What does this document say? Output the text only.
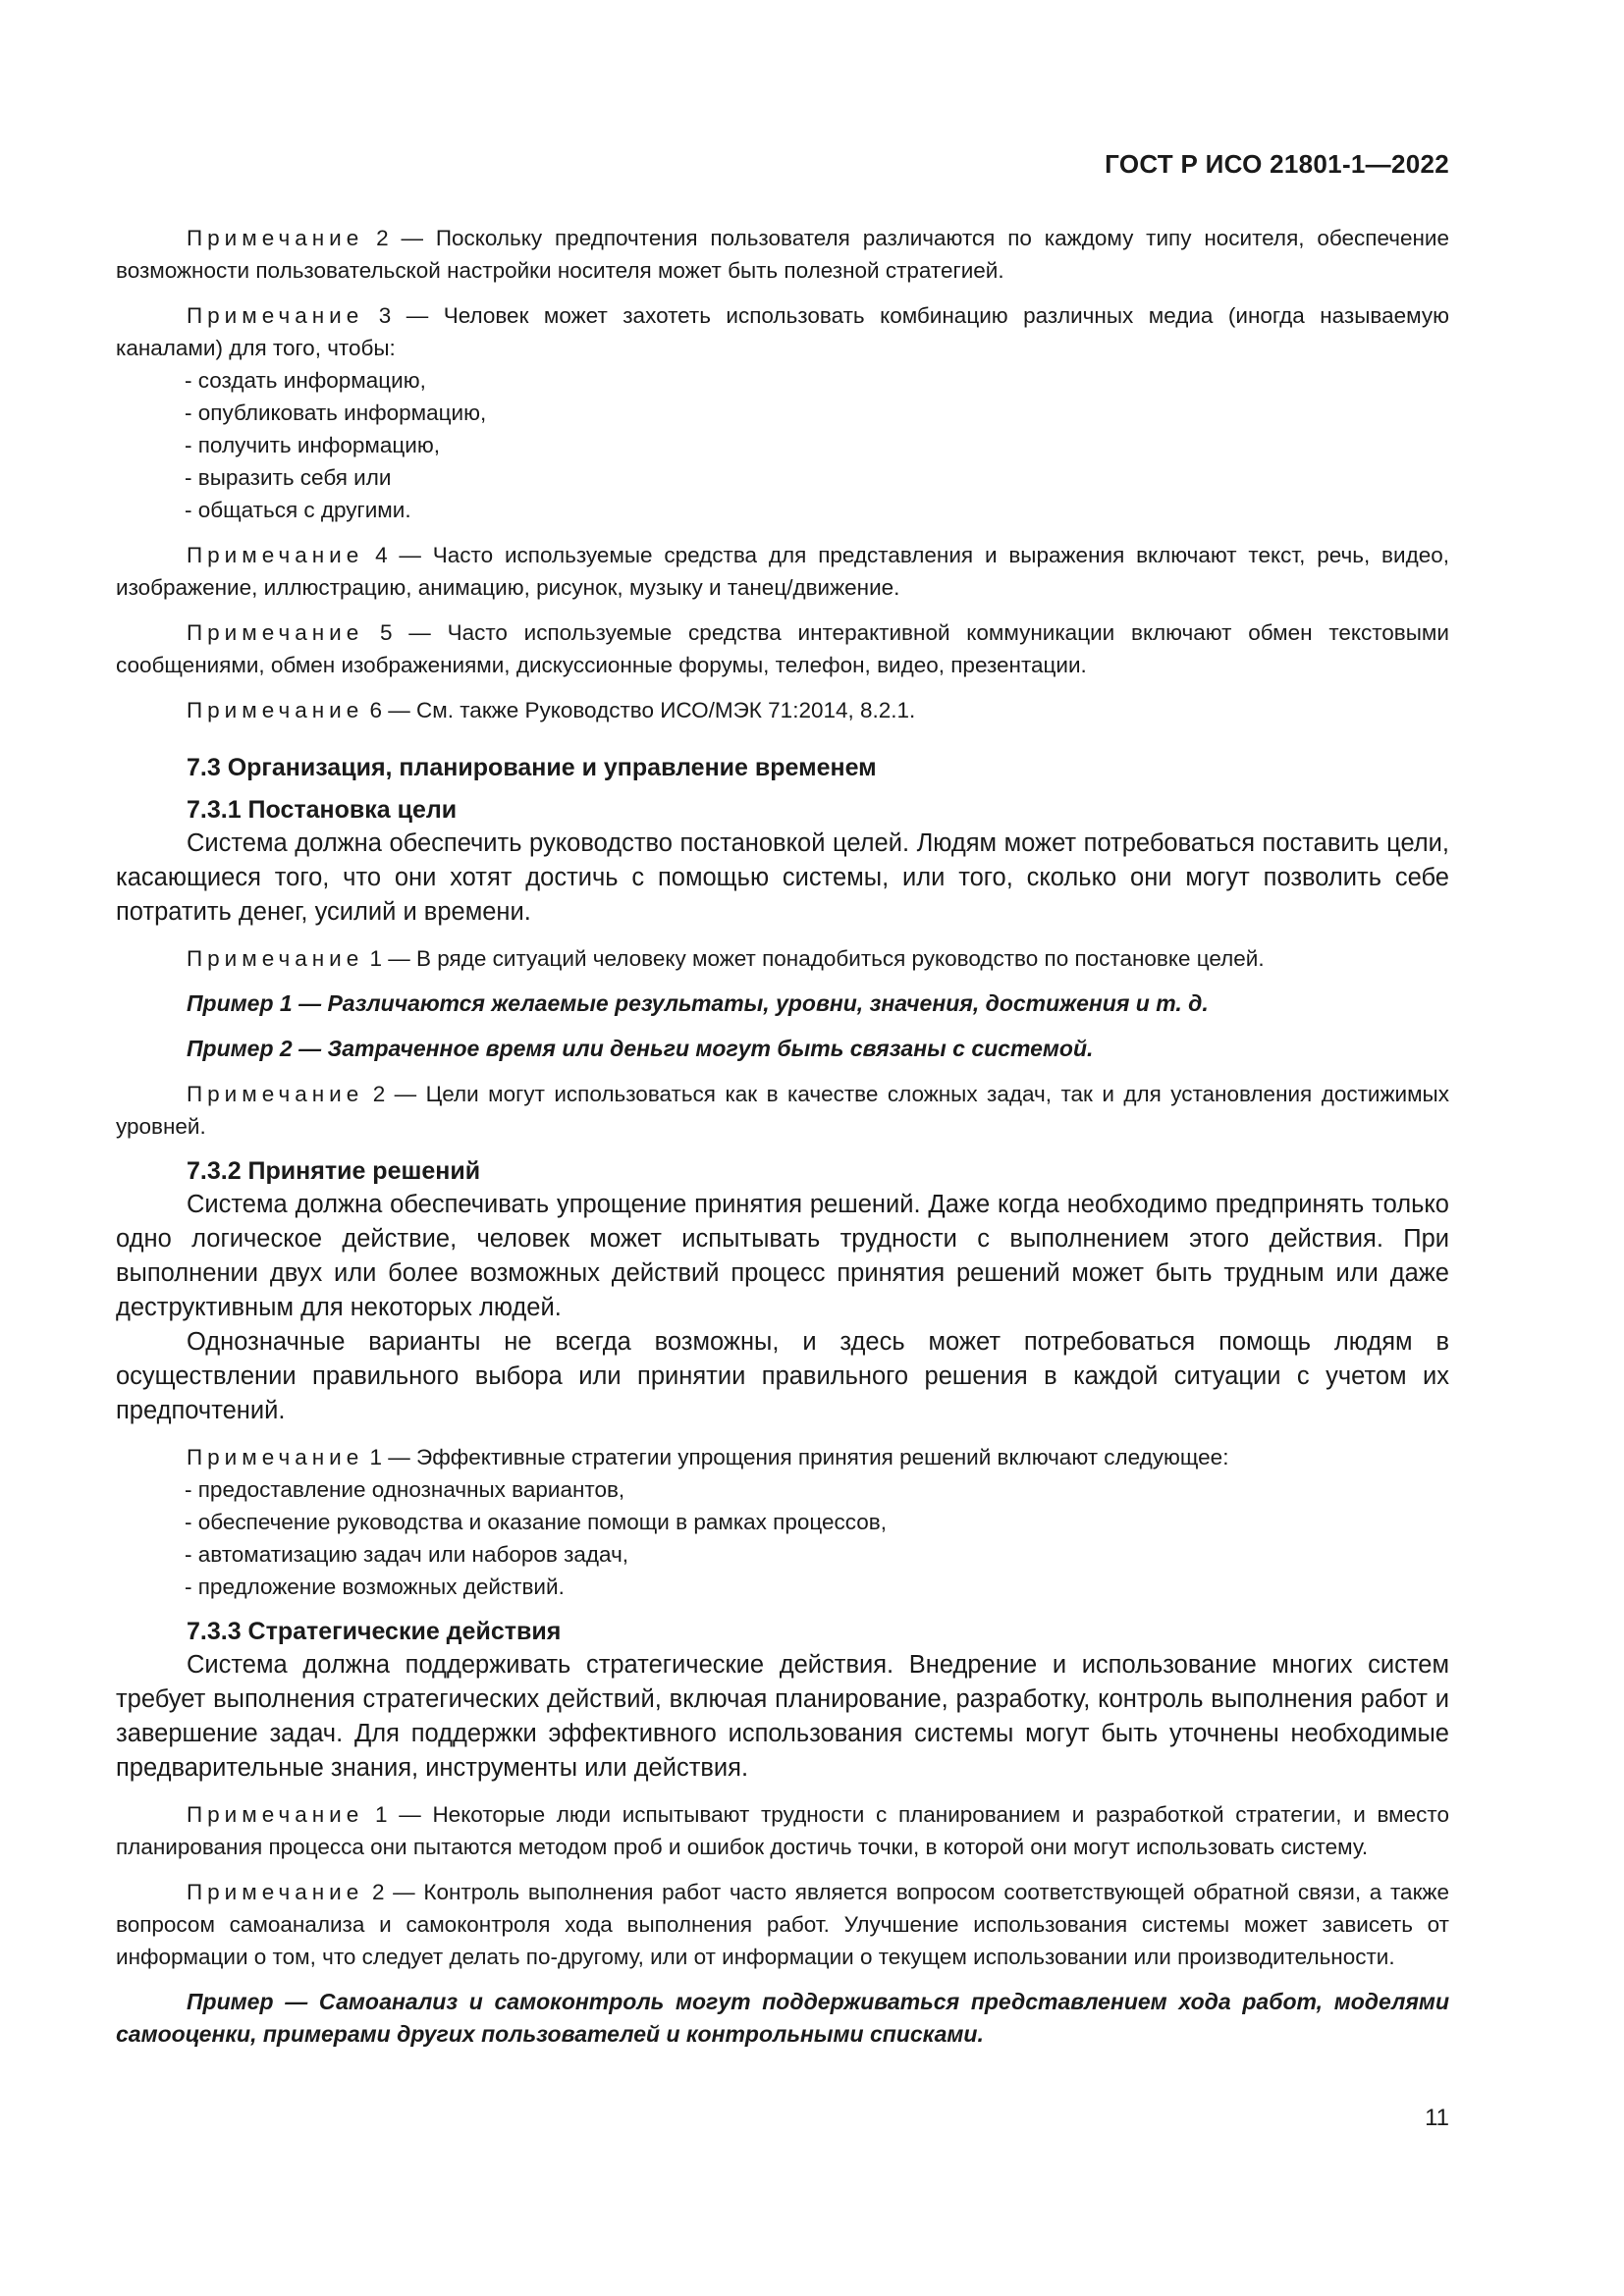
ГОСТ Р ИСО 21801-1—2022

Примечание 2 — Поскольку предпочтения пользователя различаются по каждому типу носителя, обеспечение возможности пользовательской настройки носителя может быть полезной стратегией.

Примечание 3 — Человек может захотеть использовать комбинацию различных медиа (иногда называемую каналами) для того, чтобы:

- создать информацию,
- опубликовать информацию,
- получить информацию,
- выразить себя или
- общаться с другими.

Примечание 4 — Часто используемые средства для представления и выражения включают текст, речь, видео, изображение, иллюстрацию, анимацию, рисунок, музыку и танец/движение.

Примечание 5 — Часто используемые средства интерактивной коммуникации включают обмен текстовыми сообщениями, обмен изображениями, дискуссионные форумы, телефон, видео, презентации.

Примечание 6 — См. также Руководство ИСО/МЭК 71:2014, 8.2.1.

7.3 Организация, планирование и управление временем
7.3.1 Постановка цели

Система должна обеспечить руководство постановкой целей. Людям может потребоваться поставить цели, касающиеся того, что они хотят достичь с помощью системы, или того, сколько они могут позволить себе потратить денег, усилий и времени.

Примечание 1 — В ряде ситуаций человеку может понадобиться руководство по постановке целей.

Пример 1 — Различаются желаемые результаты, уровни, значения, достижения и т. д.

Пример 2 — Затраченное время или деньги могут быть связаны с системой.

Примечание 2 — Цели могут использоваться как в качестве сложных задач, так и для установления достижимых уровней.

7.3.2 Принятие решений

Система должна обеспечивать упрощение принятия решений. Даже когда необходимо предпринять только одно логическое действие, человек может испытывать трудности с выполнением этого действия. При выполнении двух или более возможных действий процесс принятия решений может быть трудным или даже деструктивным для некоторых людей.

Однозначные варианты не всегда возможны, и здесь может потребоваться помощь людям в осуществлении правильного выбора или принятии правильного решения в каждой ситуации с учетом их предпочтений.

Примечание 1 — Эффективные стратегии упрощения принятия решений включают следующее:

- предоставление однозначных вариантов,
- обеспечение руководства и оказание помощи в рамках процессов,
- автоматизацию задач или наборов задач,
- предложение возможных действий.
7.3.3 Стратегические действия

Система должна поддерживать стратегические действия. Внедрение и использование многих систем требует выполнения стратегических действий, включая планирование, разработку, контроль выполнения работ и завершение задач. Для поддержки эффективного использования системы могут быть уточнены необходимые предварительные знания, инструменты или действия.

Примечание 1 — Некоторые люди испытывают трудности с планированием и разработкой стратегии, и вместо планирования процесса они пытаются методом проб и ошибок достичь точки, в которой они могут использовать систему.

Примечание 2 — Контроль выполнения работ часто является вопросом соответствующей обратной связи, а также вопросом самоанализа и самоконтроля хода выполнения работ. Улучшение использования системы может зависеть от информации о том, что следует делать по-другому, или от информации о текущем использовании или производительности.

Пример — Самоанализ и самоконтроль могут поддерживаться представлением хода работ, моделями самооценки, примерами других пользователей и контрольными списками.

11
